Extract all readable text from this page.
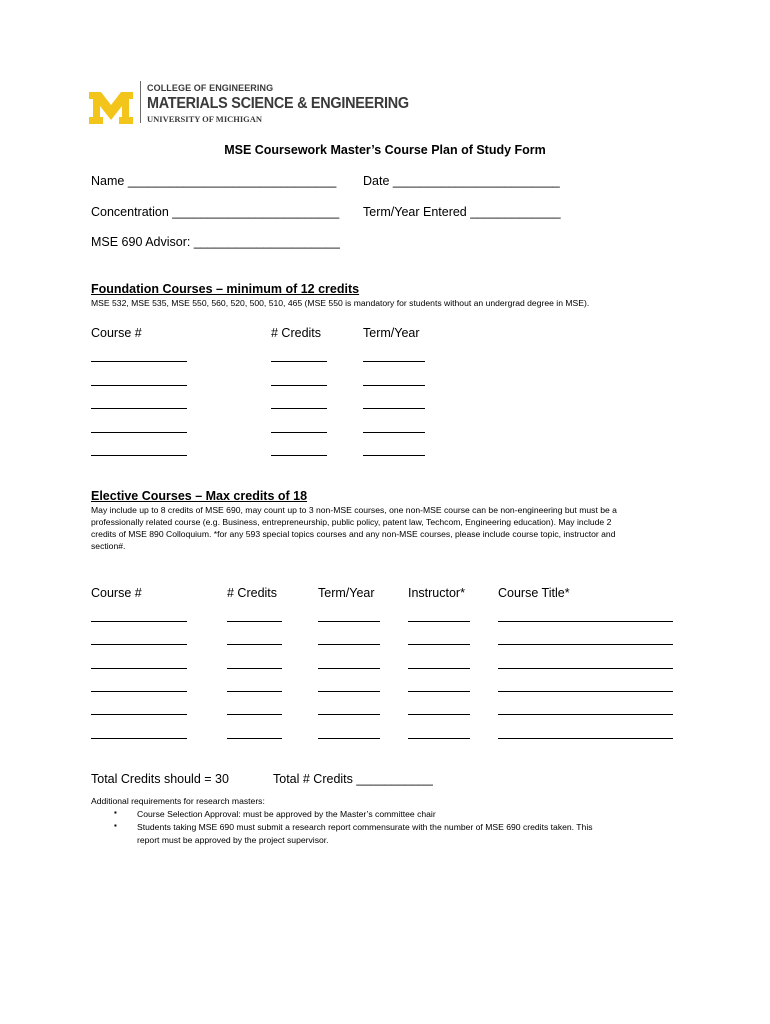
COLLEGE OF ENGINEERING
MATERIALS SCIENCE & ENGINEERING
UNIVERSITY OF MICHIGAN
MSE Coursework Master’s Course Plan of Study Form
Name ______________________________ Date ________________________
Concentration ________________________ Term/Year Entered _____________
MSE 690 Advisor: _____________________
Foundation Courses – minimum of 12 credits
MSE 532, MSE 535, MSE 550, 560, 520, 500, 510, 465 (MSE 550 is mandatory for students without an undergrad degree in MSE).
Course #	# Credits	Term/Year
Elective Courses – Max credits of 18
May include up to 8 credits of MSE 690, may count up to 3 non-MSE courses, one non-MSE course can be non-engineering but must be a
professionally related course (e.g. Business, entrepreneurship, public policy, patent law, Techcom, Engineering education). May include 2
credits of MSE 890 Colloquium. *for any 593 special topics courses and any non-MSE courses, please include course topic, instructor and
section#.
Course #	# Credits	Term/Year	Instructor*	Course Title*
Total Credits should = 30	Total # Credits ___________
Additional requirements for research masters:
▪ Course Selection Approval: must be approved by the Master’s committee chair
▪ Students taking MSE 690 must submit a research report commensurate with the number of MSE 690 credits taken. This
report must be approved by the project supervisor.
